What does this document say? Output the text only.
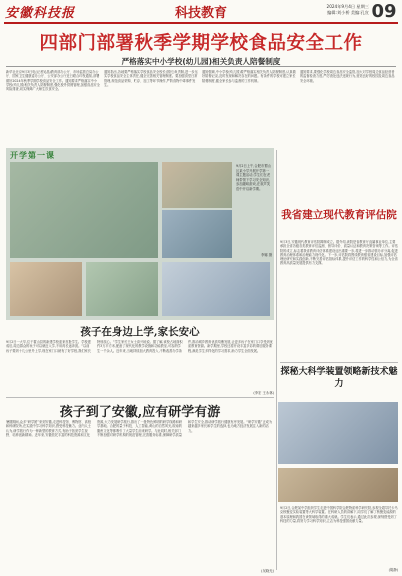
安徽科技报	科技教育	2024年9月4日 星期三
编辑:刘小桥 美编:孔宣 09
四部门部署秋季学期学校食品安全工作
严格落实中小学校(幼儿园)相关负责人陪餐制度
新华社北京9月3日电(记者吴晶)教育部办公厅、市场监管总局办公厅、国家卫生健康委办公厅、公安部办公厅近日联合印发通知,部署做好2024年秋季学期学校食品安全工作。通知要求严格落实中小学校(幼儿园)相关负责人陪餐制度,强化校外供餐管理,加强食品安全风险排查,切实保障广大师生饮食安全。
通知指出,各地要严格落实学校食品安全校长(园长)负责制,进一步压实学校食品安全主体责任,健全完善相关管理制度。要加强食堂日常管理,规范食品采购、贮存、加工等环节操作,严防食物中毒事件发生。
通知强调,中小学校(幼儿园)要严格落实相关负责人陪餐制度,认真做好陪餐记录,及时发现和解决存在的问题。有条件的学校可建立家长陪餐制度,健全家长参与监督的工作机制。
通知要求,要强化学校周边食品安全监管,加大对学校周边食品经营者的监督检查力度,严厉查处违法违规行为,营造良好的校园及周边食品安全环境。
开学第一课
9月2日上午,合肥市蜀山区某小学开展开学第一课主题活动,学生们在老师带领下学习安全知识,参加趣味游戏,在欢声笑语中开启新学期。
李娜 摄
孩子在身边上学,家长安心
9月2日一大早,位于霍山县的新建学校迎来首批学生。学校建成后,周边群众的孩子可以就近入学,不用再长途奔波。“以前孩子要到十几公里外上学,现在家门口就有了好学校,我们家长特别放心。”学生家长王女士高兴地说。据了解,该校占地面积约3万平方米,配备了现代化的教学设施和功能教室,可容纳学生一千余人。近年来,当地持续加大教育投入,不断改善办学条件,推动城乡教育优质均衡发展,让更多孩子在家门口享受到优质教育资源。新学期里,学校还将开设丰富多彩的课后服务课程,满足学生多样化的学习需求,助力学生全面发展。
(李宏 王永林)
孩子到了安徽,应有研学有游
暑期期间,众多“研学团”来到安徽,走进科技馆、博物馆、高校和科研院所,在实践中学习科学知识,感受科技魅力。业内人士认为,研学旅行作为一种新型的教育方式,有助于拓宽学生视野、培养创新精神。近年来,安徽依托丰富的科技资源和文化资源,大力发展研学旅行,推出了一批特色鲜明的研学线路和研学基地。合肥的量子科技、人工智能,黄山的自然风光,皖南的徽州文化等都吸引了大量学生前来研学。与此同时,相关部门不断加强对研学机构的规范管理,完善服务标准,保障研学质量和学生安全,推动研学旅行健康有序发展。“研学安徽”正成为越来越多家长和学生的选择,也为地方经济发展注入新的活力。
(吴晓光)
我省建立现代教育评估院
9月3日,安徽现代教育评估院揭牌成立。据介绍,该院是省教育厅直属事业单位,主要承担全省各级各类教育评估监测、督导评价、质量认证和教育决策咨询等工作。评估院的成立,标志着我省教育评估体系建设迈出重要一步,将进一步推动管办评分离,促进教育治理体系和治理能力现代化。下一步,评估院将围绕教育强省建设目标,加强评估理论研究和实践创新,不断完善评估指标体系,提升评估工作的科学性和公信力,为全省教育高质量发展提供有力支撑。
探秘大科学装置领略新技术魅力
9月2日,合肥某中学组织学生走进中国科学院合肥物质科学研究院,参观全超导托卡马克核聚变实验装置等大科学装置。在科研人员的讲解下,同学们了解了核聚变能源的基本原理和我国在该领域取得的重大成就。学生们表示,通过此次参观,深刻感受到了科技的力量,将努力学习科学知识,立志为科技强国贡献力量。
(胡静)
